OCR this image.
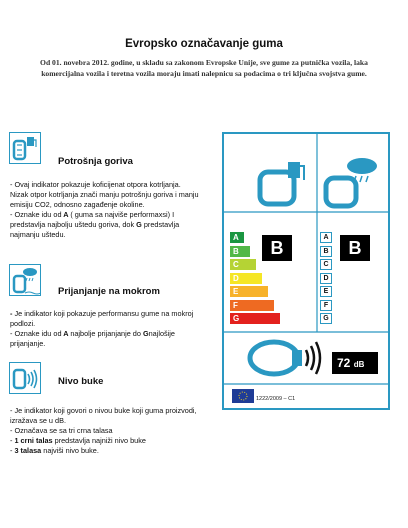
Evropsko označavanje guma
Od 01. novebra 2012. godine, u skladu sa zakonom Evropske Unije, sve gume za putnička vozila, laka komercijalna vozila i teretna vozila moraju imati nalepnicu sa podacima o tri ključna svojstva gume.
Potrošnja goriva

- Ovaj indikator pokazuje koficijenat otpora kotrljanja. Nizak otpor kotrljanja znači manju potrošnju goriva i manju emisiju CO2, odnosno zagađenje okoline.

- Oznake idu od A ( guma sa najviše performaxsi) I predstavlja najbolju uštedu goriva, dok G predstavlja najmanju uštedu.

Prijanjanje na mokrom

- Je indikator koji pokazuje performansu gume na mokroj podlozi.

- Oznake idu od A najbolje prijanjanje do Gnajlošije prijanjanje.

Nivo buke

- Je indikator koji govori o nivou buke koji guma proizvodi, izražava se u dB.

- Označava se sa tri crna talasa

- 1 crni talas predstavlja najniži nivo buke

- 3 talasa najviši nivo buke.

A
B
C
D
E
F
G
B
A
B
C
D
E
F
G
B
72 dB
1222/2009 – C1
